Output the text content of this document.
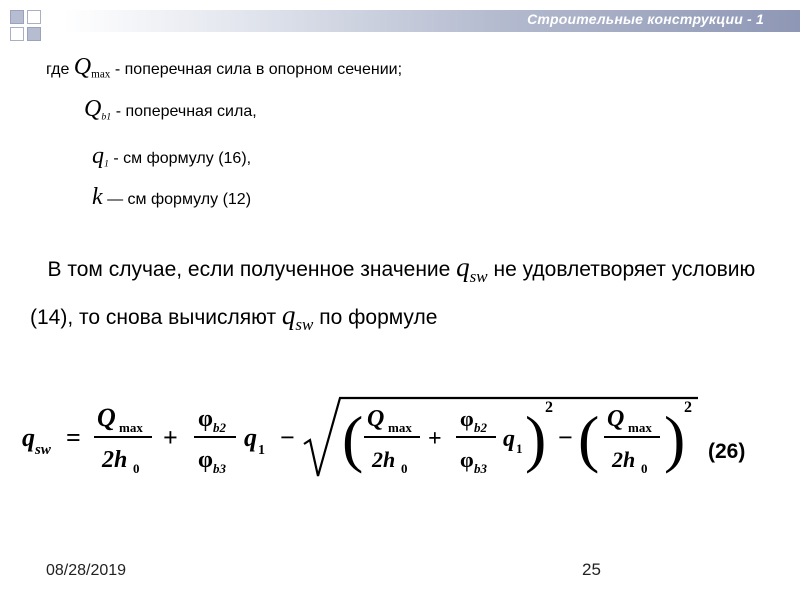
Строительные конструкции - 1
где $Q_{max}$ - поперечная сила в опорном сечении;
$Q_{b1}$ - поперечная сила,
$q_1$ - см формулу (16),
k — см формулу (12)
В том случае, если полученное значение $q_{sw}$ не удовлетворяет условию (14), то снова вычисляют $q_{sw}$ по формуле
q sw =
Q max
2h 0
+
φ b2
φ b3
q 1 − ( Q max
2h 0
+
φ b2
φ b3
q 1 )
2
− ( Q max
2h 0 )
2
(26)
08/28/2019	25
